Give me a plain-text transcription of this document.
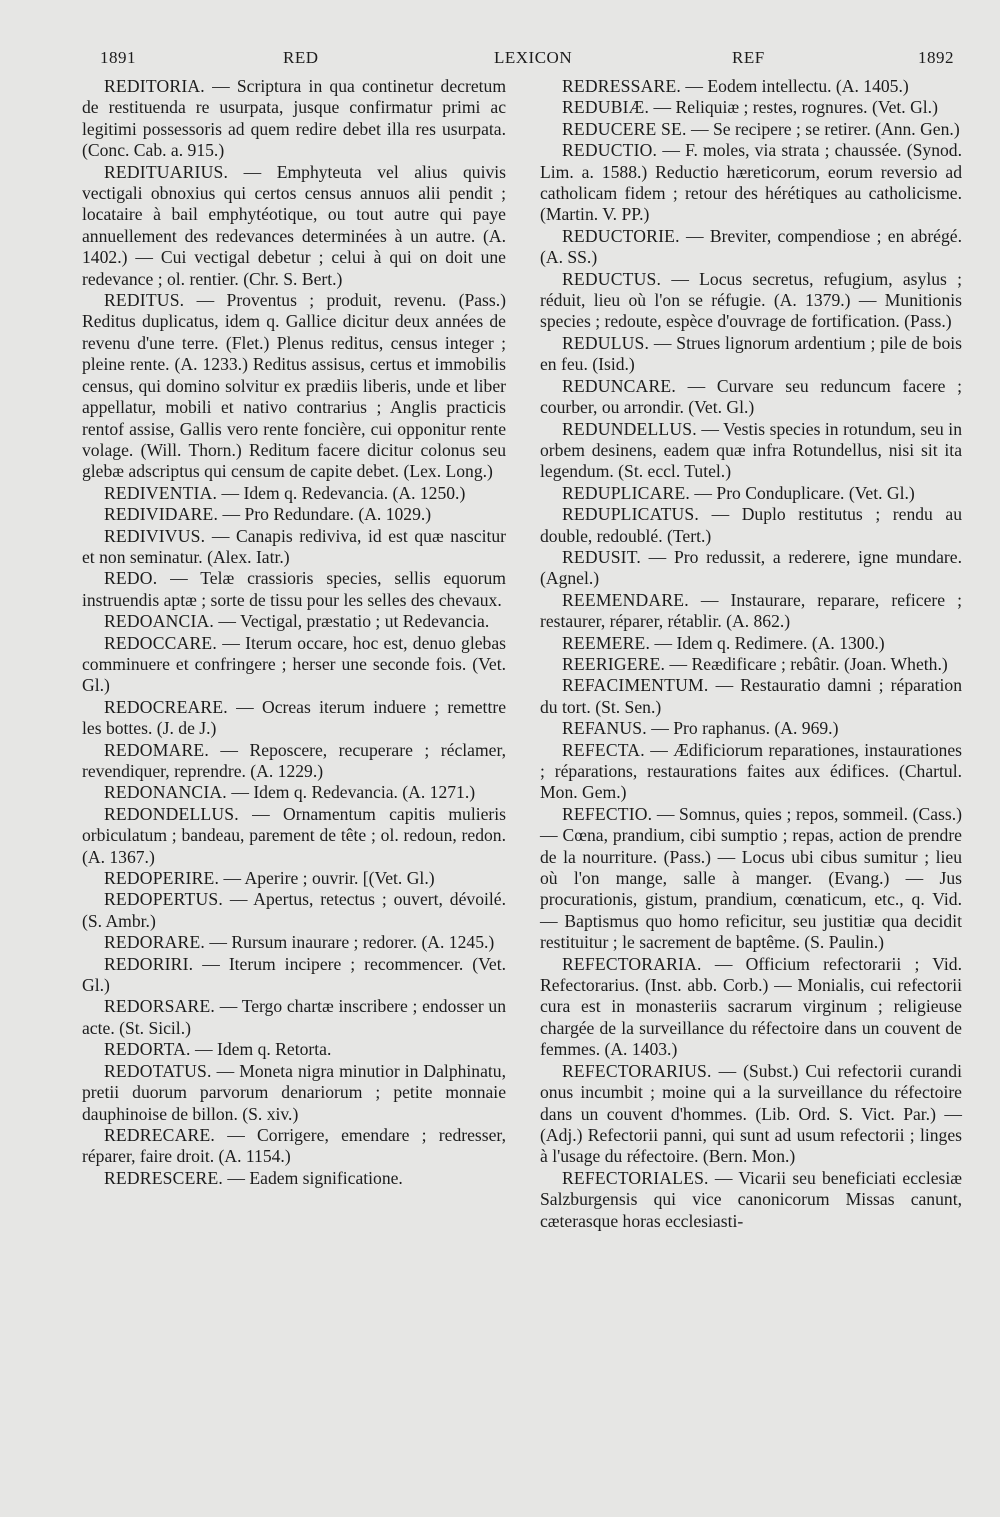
1891	RED	LEXICON	REF	1892

REDITORIA. — Scriptura in qua continetur decretum de restituenda re usurpata, jusque confirmatur primi ac legitimi possessoris ad quem redire debet illa res usurpata. (Conc. Cab. a. 915.)

REDITUARIUS. — Emphyteuta vel alius quivis vectigali obnoxius qui certos census annuos alii pendit ; locataire à bail emphytéotique, ou tout autre qui paye annuellement des redevances determinées à un autre. (A. 1402.) — Cui vectigal debetur ; celui à qui on doit une redevance ; ol. rentier. (Chr. S. Bert.)

REDITUS. — Proventus ; produit, revenu. (Pass.) Reditus duplicatus, idem q. Gallice dicitur deux années de revenu d'une terre. (Flet.) Plenus reditus, census integer ; pleine rente. (A. 1233.) Reditus assisus, certus et immobilis census, qui domino solvitur ex prædiis liberis, unde et liber appellatur, mobili et nativo contrarius ; Anglis practicis rentof assise, Gallis vero rente foncière, cui opponitur rente volage. (Will. Thorn.) Reditum facere dicitur colonus seu glebæ adscriptus qui censum de capite debet. (Lex. Long.)

REDIVENTIA. — Idem q. Redevancia. (A. 1250.)

REDIVIDARE. — Pro Redundare. (A. 1029.)

REDIVIVUS. — Canapis rediviva, id est quæ nascitur et non seminatur. (Alex. Iatr.)

REDO. — Telæ crassioris species, sellis equorum instruendis aptæ ; sorte de tissu pour les selles des chevaux.

REDOANCIA. — Vectigal, præstatio ; ut Redevancia.

REDOCCARE. — Iterum occare, hoc est, denuo glebas comminuere et confringere ; herser une seconde fois. (Vet. Gl.)

REDOCREARE. — Ocreas iterum induere ; remettre les bottes. (J. de J.)

REDOMARE. — Reposcere, recuperare ; réclamer, revendiquer, reprendre. (A. 1229.)

REDONANCIA. — Idem q. Redevancia. (A. 1271.)

REDONDELLUS. — Ornamentum capitis mulieris orbiculatum ; bandeau, parement de tête ; ol. redoun, redon. (A. 1367.)

REDOPERIRE. — Aperire ; ouvrir. [(Vet. Gl.)

REDOPERTUS. — Apertus, retectus ; ouvert, dévoilé. (S. Ambr.)

REDORARE. — Rursum inaurare ; redorer. (A. 1245.)

REDORIRI. — Iterum incipere ; recommencer. (Vet. Gl.)

REDORSARE. — Tergo chartæ inscribere ; endosser un acte. (St. Sicil.)

REDORTA. — Idem q. Retorta.

REDOTATUS. — Moneta nigra minutior in Dalphinatu, pretii duorum parvorum denariorum ; petite monnaie dauphinoise de billon. (S. xiv.)

REDRECARE. — Corrigere, emendare ; redresser, réparer, faire droit. (A. 1154.)

REDRESCERE. — Eadem significatione.

REDRESSARE. — Eodem intellectu. (A. 1405.)

REDUBIÆ. — Reliquiæ ; restes, rognures. (Vet. Gl.)

REDUCERE SE. — Se recipere ; se retirer. (Ann. Gen.)

REDUCTIO. — F. moles, via strata ; chaussée. (Synod. Lim. a. 1588.) Reductio hæreticorum, eorum reversio ad catholicam fidem ; retour des hérétiques au catholicisme. (Martin. V. PP.)

REDUCTORIE. — Breviter, compendiose ; en abrégé. (A. SS.)

REDUCTUS. — Locus secretus, refugium, asylus ; réduit, lieu où l'on se réfugie. (A. 1379.) — Munitionis species ; redoute, espèce d'ouvrage de fortification. (Pass.)

REDULUS. — Strues lignorum ardentium ; pile de bois en feu. (Isid.)

REDUNCARE. — Curvare seu reduncum facere ; courber, ou arrondir. (Vet. Gl.)

REDUNDELLUS. — Vestis species in rotundum, seu in orbem desinens, eadem quæ infra Rotundellus, nisi sit ita legendum. (St. eccl. Tutel.)

REDUPLICARE. — Pro Conduplicare. (Vet. Gl.)

REDUPLICATUS. — Duplo restitutus ; rendu au double, redoublé. (Tert.)

REDUSIT. — Pro redussit, a rederere, igne mundare. (Agnel.)

REEMENDARE. — Instaurare, reparare, reficere ; restaurer, réparer, rétablir. (A. 862.)

REEMERE. — Idem q. Redimere. (A. 1300.)

REERIGERE. — Reædificare ; rebâtir. (Joan. Wheth.)

REFACIMENTUM. — Restauratio damni ; réparation du tort. (St. Sen.)

REFANUS. — Pro raphanus. (A. 969.)

REFECTA. — Ædificiorum reparationes, instaurationes ; réparations, restaurations faites aux édifices. (Chartul. Mon. Gem.)

REFECTIO. — Somnus, quies ; repos, sommeil. (Cass.) — Cœna, prandium, cibi sumptio ; repas, action de prendre de la nourriture. (Pass.) — Locus ubi cibus sumitur ; lieu où l'on mange, salle à manger. (Evang.) — Jus procurationis, gistum, prandium, cœnaticum, etc., q. Vid. — Baptismus quo homo reficitur, seu justitiæ qua decidit restituitur ; le sacrement de baptême. (S. Paulin.)

REFECTORARIA. — Officium refectorarii ; Vid. Refectorarius. (Inst. abb. Corb.) — Monialis, cui refectorii cura est in monasteriis sacrarum virginum ; religieuse chargée de la surveillance du réfectoire dans un couvent de femmes. (A. 1403.)

REFECTORARIUS. — (Subst.) Cui refectorii curandi onus incumbit ; moine qui a la surveillance du réfectoire dans un couvent d'hommes. (Lib. Ord. S. Vict. Par.) — (Adj.) Refectorii panni, qui sunt ad usum refectorii ; linges à l'usage du réfectoire. (Bern. Mon.)

REFECTORIALES. — Vicarii seu beneficiati ecclesiæ Salzburgensis qui vice canonicorum Missas canunt, cæterasque horas ecclesiasti-
